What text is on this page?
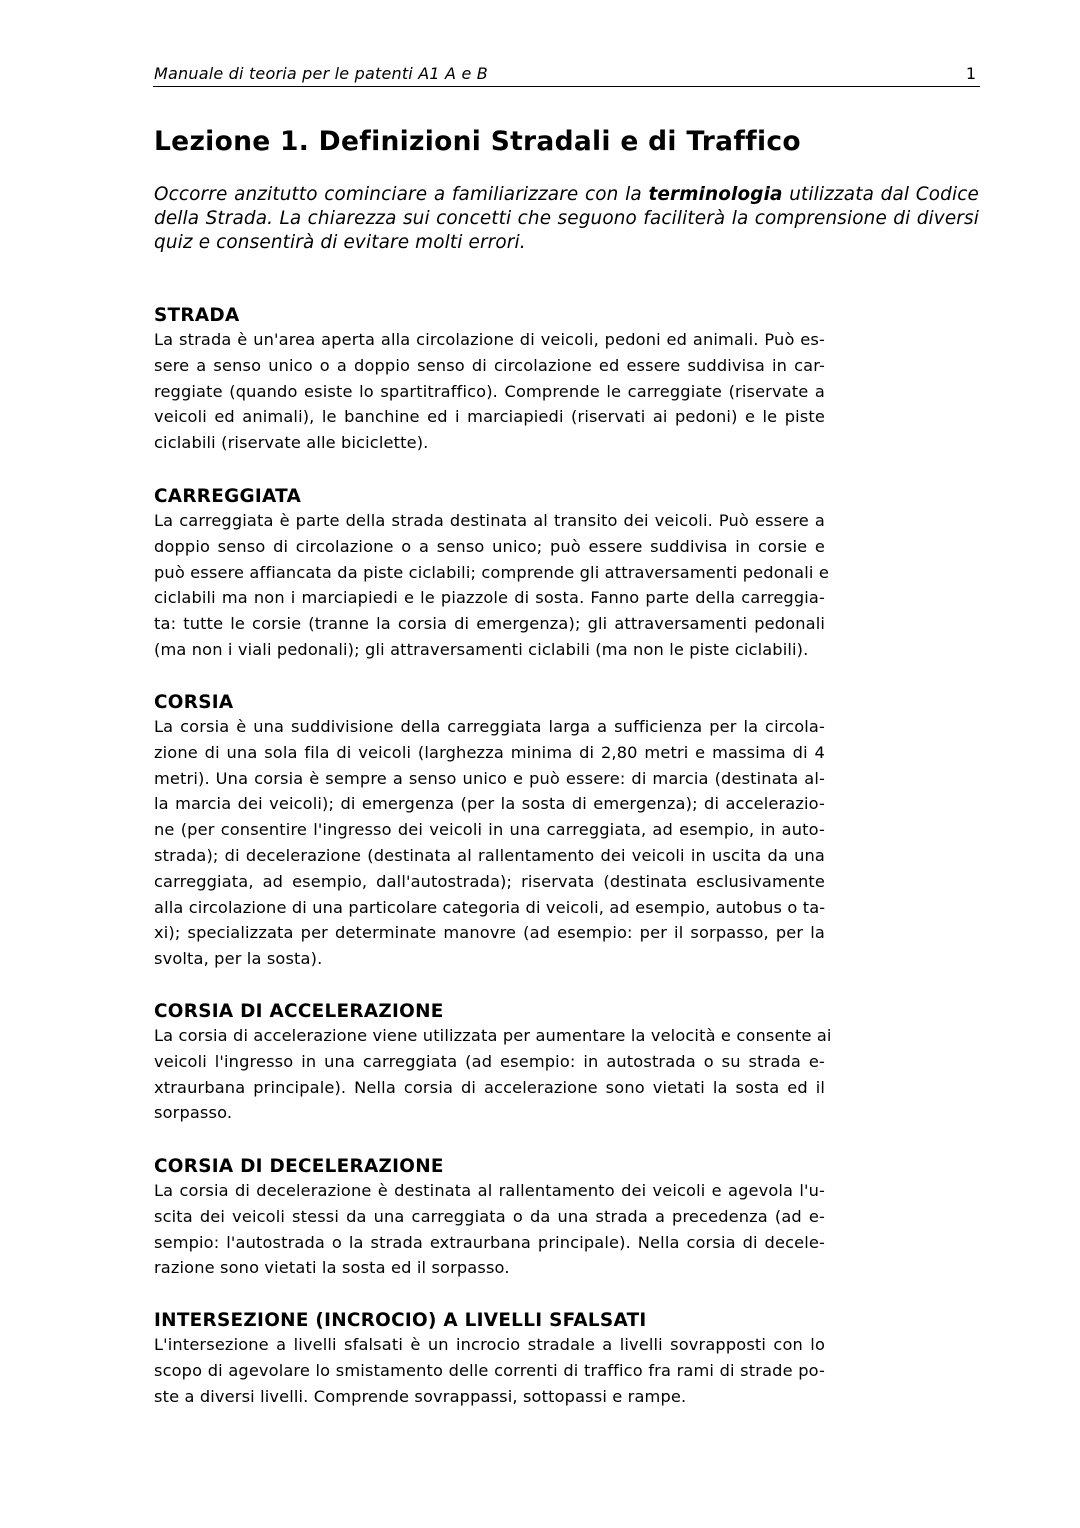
Manuale di teoria per le patenti A1 A e B	1
Lezione 1. Definizioni Stradali e di Traffico

Occorre anzitutto cominciare a familiarizzare con la terminologia utilizzata dal Codice della Strada. La chiarezza sui concetti che seguono faciliterà la comprensione di diversi quiz e consentirà di evitare molti errori.

STRADA

La strada è un'area aperta alla circolazione di veicoli, pedoni ed animali. Può es-
sere a senso unico o a doppio senso di circolazione ed essere suddivisa in car-
reggiate (quando esiste lo spartitraffico). Comprende le carreggiate (riservate a
veicoli ed animali), le banchine ed i marciapiedi (riservati ai pedoni) e le piste
ciclabili (riservate alle biciclette).

CARREGGIATA

La carreggiata è parte della strada destinata al transito dei veicoli. Può essere a
doppio senso di circolazione o a senso unico; può essere suddivisa in corsie e
può essere affiancata da piste ciclabili; comprende gli attraversamenti pedonali e
ciclabili ma non i marciapiedi e le piazzole di sosta. Fanno parte della carreggia-
ta: tutte le corsie (tranne la corsia di emergenza); gli attraversamenti pedonali
(ma non i viali pedonali); gli attraversamenti ciclabili (ma non le piste ciclabili).

CORSIA

La corsia è una suddivisione della carreggiata larga a sufficienza per la circola-
zione di una sola fila di veicoli (larghezza minima di 2,80 metri e massima di 4
metri). Una corsia è sempre a senso unico e può essere: di marcia (destinata al-
la marcia dei veicoli); di emergenza (per la sosta di emergenza); di accelerazio-
ne (per consentire l'ingresso dei veicoli in una carreggiata, ad esempio, in auto-
strada); di decelerazione (destinata al rallentamento dei veicoli in uscita da una
carreggiata, ad esempio, dall'autostrada); riservata (destinata esclusivamente
alla circolazione di una particolare categoria di veicoli, ad esempio, autobus o ta-
xi); specializzata per determinate manovre (ad esempio: per il sorpasso, per la
svolta, per la sosta).

CORSIA DI ACCELERAZIONE

La corsia di accelerazione viene utilizzata per aumentare la velocità e consente ai
veicoli l'ingresso in una carreggiata (ad esempio: in autostrada o su strada e-
xtraurbana principale). Nella corsia di accelerazione sono vietati la sosta ed il
sorpasso.

CORSIA DI DECELERAZIONE

La corsia di decelerazione è destinata al rallentamento dei veicoli e agevola l'u-
scita dei veicoli stessi da una carreggiata o da una strada a precedenza (ad e-
sempio: l'autostrada o la strada extraurbana principale). Nella corsia di decele-
razione sono vietati la sosta ed il sorpasso.

INTERSEZIONE (INCROCIO) A LIVELLI SFALSATI

L'intersezione a livelli sfalsati è un incrocio stradale a livelli sovrapposti con lo
scopo di agevolare lo smistamento delle correnti di traffico fra rami di strade po-
ste a diversi livelli. Comprende sovrappassi, sottopassi e rampe.
